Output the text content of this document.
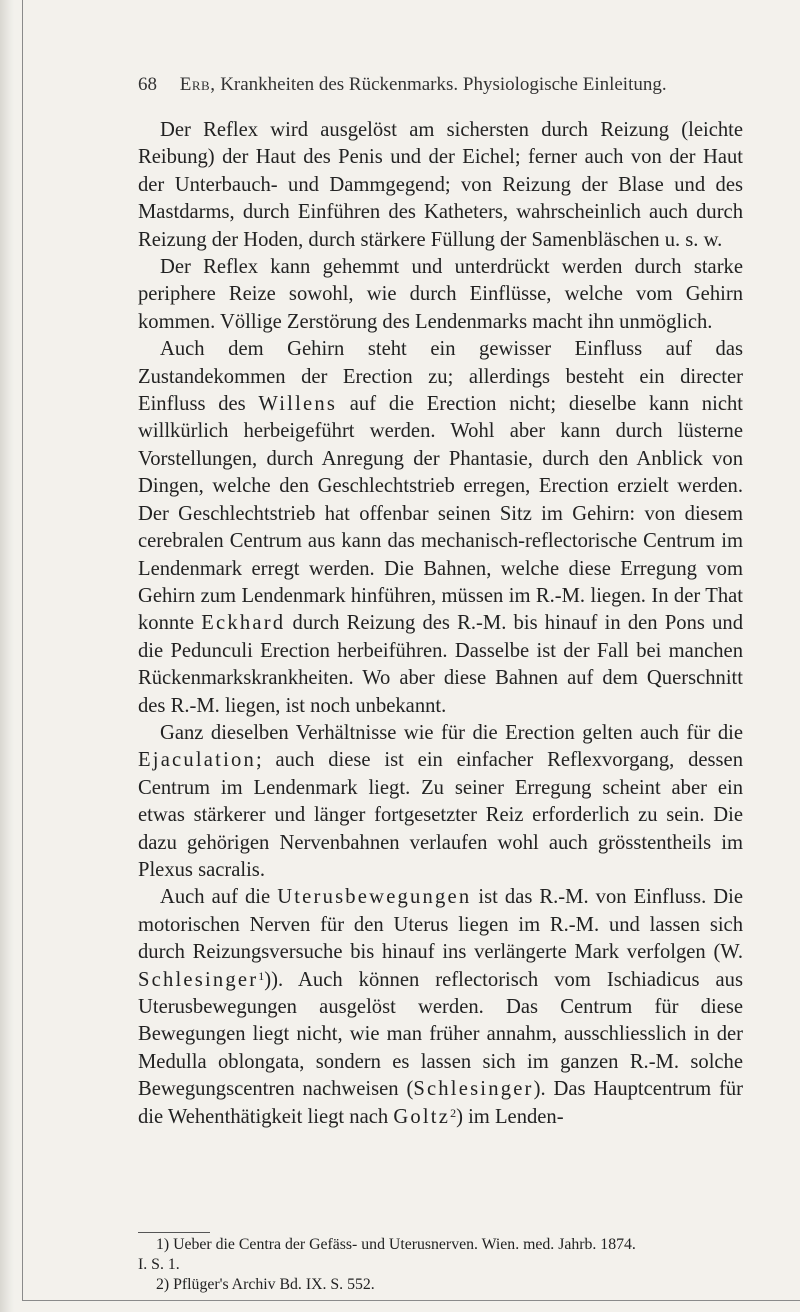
68 Erb, Krankheiten des Rückenmarks. Physiologische Einleitung.

Der Reflex wird ausgelöst am sichersten durch Reizung (leichte Reibung) der Haut des Penis und der Eichel; ferner auch von der Haut der Unterbauch- und Dammgegend; von Reizung der Blase und des Mastdarms, durch Einführen des Katheters, wahrscheinlich auch durch Reizung der Hoden, durch stärkere Füllung der Samenbläschen u. s. w.

Der Reflex kann gehemmt und unterdrückt werden durch starke periphere Reize sowohl, wie durch Einflüsse, welche vom Gehirn kommen. Völlige Zerstörung des Lendenmarks macht ihn unmöglich.

Auch dem Gehirn steht ein gewisser Einfluss auf das Zustandekommen der Erection zu; allerdings besteht ein directer Einfluss des Willens auf die Erection nicht; dieselbe kann nicht willkürlich herbeigeführt werden. Wohl aber kann durch lüsterne Vorstellungen, durch Anregung der Phantasie, durch den Anblick von Dingen, welche den Geschlechtstrieb erregen, Erection erzielt werden. Der Geschlechtstrieb hat offenbar seinen Sitz im Gehirn: von diesem cerebralen Centrum aus kann das mechanisch-reflectorische Centrum im Lendenmark erregt werden. Die Bahnen, welche diese Erregung vom Gehirn zum Lendenmark hinführen, müssen im R.-M. liegen. In der That konnte Eckhard durch Reizung des R.-M. bis hinauf in den Pons und die Pedunculi Erection herbeiführen. Dasselbe ist der Fall bei manchen Rückenmarkskrankheiten. Wo aber diese Bahnen auf dem Querschnitt des R.-M. liegen, ist noch unbekannt.

Ganz dieselben Verhältnisse wie für die Erection gelten auch für die Ejaculation; auch diese ist ein einfacher Reflexvorgang, dessen Centrum im Lendenmark liegt. Zu seiner Erregung scheint aber ein etwas stärkerer und länger fortgesetzter Reiz erforderlich zu sein. Die dazu gehörigen Nervenbahnen verlaufen wohl auch grösstentheils im Plexus sacralis.

Auch auf die Uterusbewegungen ist das R.-M. von Einfluss. Die motorischen Nerven für den Uterus liegen im R.-M. und lassen sich durch Reizungsversuche bis hinauf ins verlängerte Mark verfolgen (W. Schlesinger$^1$)). Auch können reflectorisch vom Ischiadicus aus Uterusbewegungen ausgelöst werden. Das Centrum für diese Bewegungen liegt nicht, wie man früher annahm, ausschliesslich in der Medulla oblongata, sondern es lassen sich im ganzen R.-M. solche Bewegungscentren nachweisen (Schlesinger). Das Hauptcentrum für die Wehenthätigkeit liegt nach Goltz$^2$) im Lenden-

1) Ueber die Centra der Gefäss- und Uterusnerven. Wien. med. Jahrb. 1874.
I. S. 1.
2) Pflüger's Archiv Bd. IX. S. 552.
